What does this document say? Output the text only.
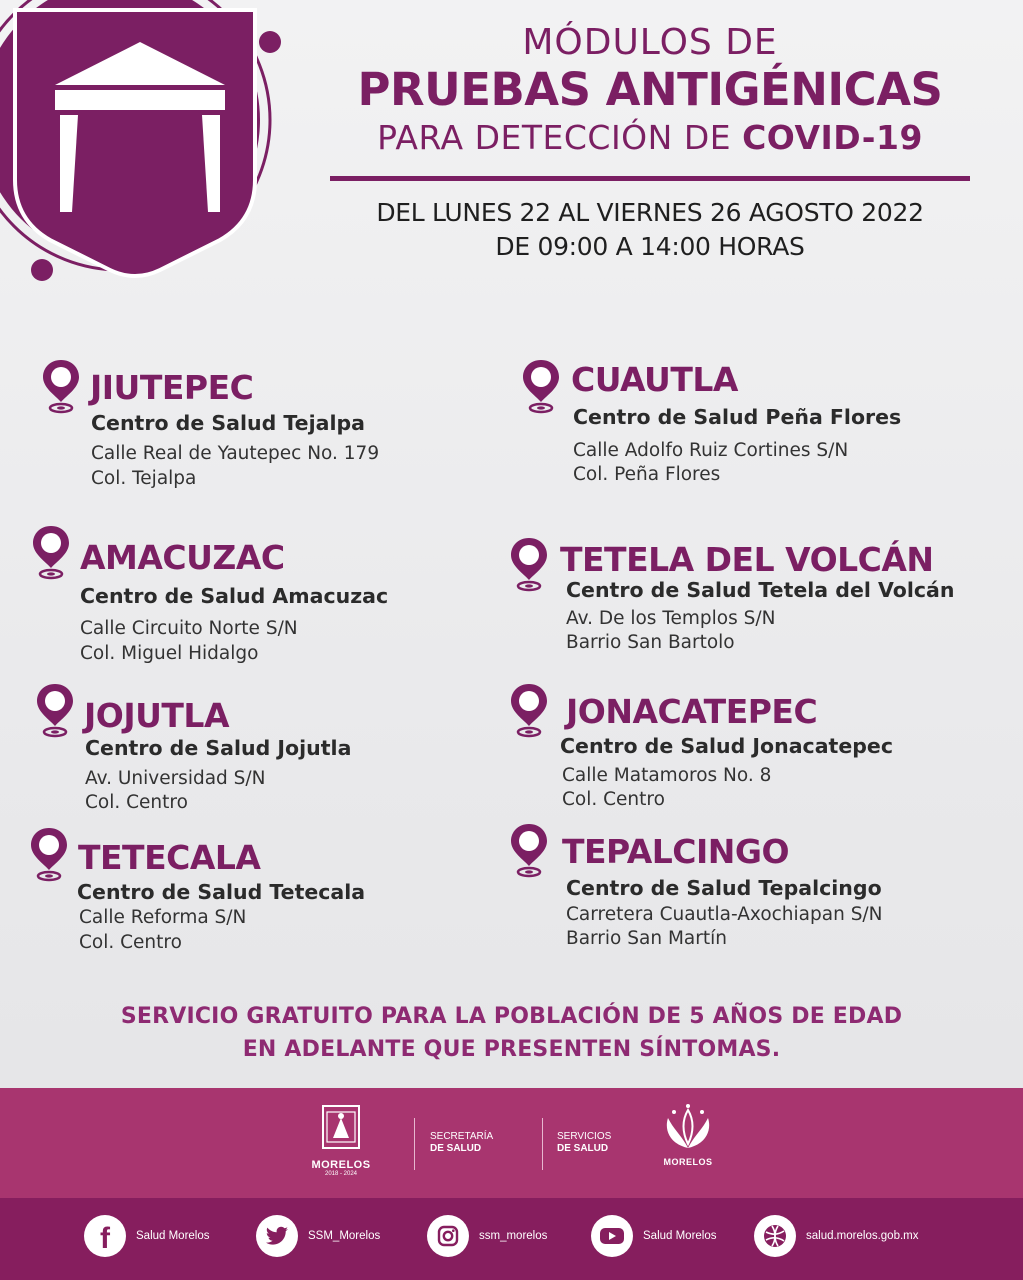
MÓDULOS DE
PRUEBAS ANTIGÉNICAS
PARA DETECCIÓN DE COVID-19
DEL LUNES 22 AL VIERNES 26 AGOSTO 2022
DE 09:00 A 14:00 HORAS
JIUTEPEC
Centro de Salud Tejalpa
Calle Real de Yautepec No. 179
Col. Tejalpa
CUAUTLA
Centro de Salud Peña Flores
Calle Adolfo Ruiz Cortines S/N
Col. Peña Flores
AMACUZAC
Centro de Salud Amacuzac
Calle Circuito Norte S/N
Col. Miguel Hidalgo
TETELA DEL VOLCÁN
Centro de Salud Tetela del Volcán
Av. De los Templos S/N
Barrio San Bartolo
JOJUTLA
Centro de Salud Jojutla
Av. Universidad S/N
Col. Centro
JONACATEPEC
Centro de Salud Jonacatepec
Calle Matamoros No. 8
Col. Centro
TETECALA
Centro de Salud Tetecala
Calle Reforma S/N
Col. Centro
TEPALCINGO
Centro de Salud Tepalcingo
Carretera Cuautla-Axochiapan S/N
Barrio San Martín
SERVICIO GRATUITO PARA LA POBLACIÓN DE 5 AÑOS DE EDAD
EN ADELANTE QUE PRESENTEN SÍNTOMAS.
MORELOS
2018 - 2024
SECRETARÍA
DE SALUD
SERVICIOS
DE SALUD
MORELOS
f Salud Morelos	SSM_Morelos	ssm_morelos	Salud Morelos	salud.morelos.gob.mx
